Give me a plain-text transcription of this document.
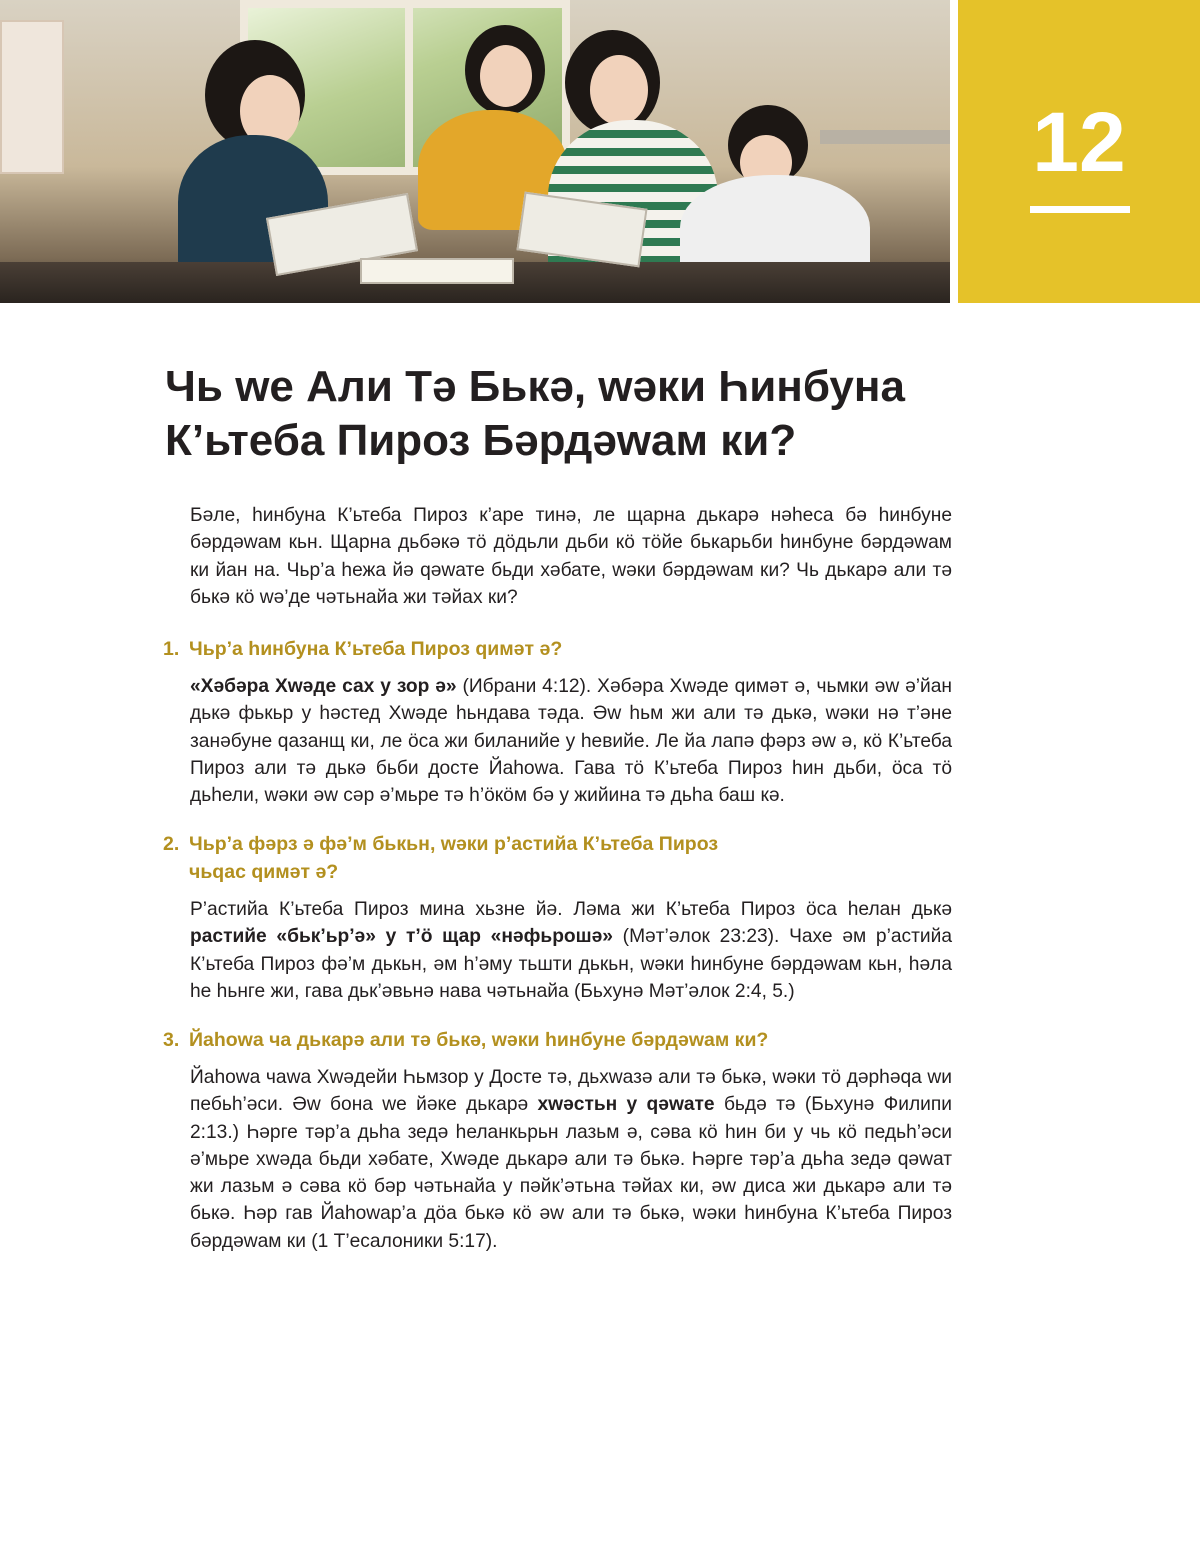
12
Чь wе Али Тә Бькә, wәки Һинбуна
К’ьтеба Пироз Бәрдәwам ки?

Бәле, һинбуна К’ьтеба Пироз к’аре тинә, ле щарна дькарә нәһеса бә һинбуне бәрдәwам кьн. Щарна дьбәкә тӧ дӧдьли дьби кӧ тӧйе бькарьби һинбуне бәрдәwам ки йан на. Чьр’а һежа йә qәwате бьди хәбате, wәки бәрдәwам ки? Чь дькарә али тә бькә кӧ wә’де чәтьнайа жи тәйах ки?

1. Чьр’а һинбуна К’ьтеба Пироз qимәт ә?

«Хәбәра Хwәде сах у зор ә» (Ибрани 4:12). Хәбәра Хwәде qимәт ә, чьмки әw ә’йан дькә фькьр у һәстед Хwәде һьндава тәда. Әw һьм жи али тә дькә, wәки нә т’әне занәбуне qазанщ ки, ле ӧса жи биланийе у һевийе. Ле йа лапә фәрз әw ә, кӧ К’ьтеба Пироз али тә дькә бьби досте Йаһоwа. Гава тӧ К’ьтеба Пироз һин дьби, ӧса тӧ дьһели, wәки әw сәр ә’мьре тә һ’ӧкӧм бә у жийина тә дьһа баш кә.

2. Чьр’а фәрз ә фә’м бькьн, wәки р’астийа К’ьтеба Пироз
чьqас qимәт ә?

Р’астийа К’ьтеба Пироз мина хьзне йә. Ләма жи К’ьтеба Пироз ӧса һелан дькә растийе «бьк’ьр’ә» у т’ӧ щар «нәфьрошә» (Мәт’әлок 23:23). Чахе әм р’астийа К’ьтеба Пироз фә’м дькьн, әм һ’әму тьшти дькьн, wәки һинбуне бәрдәwам кьн, һәла һе һьнге жи, гава дьк’әвьнә нава чәтьнайа (Бьхунә Мәт’әлок 2:4, 5.)

3. Йаһоwа ча дькарә али тә бькә, wәки һинбуне бәрдәwам ки?

Йаһоwа чаwа Хwәдейи Һьмзор у Досте тә, дьхwазә али тә бькә, wәки тӧ дәрһәqа wи пебьһ’әси. Әw бона wе йәке дькарә хwәстьн у qәwате бьдә тә (Бьхунә Филипи 2:13.) Һәрге тәр’а дьһа зедә һеланкьрьн лазьм ә, сәва кӧ һин би у чь кӧ педьһ’әси ә’мьре хwәда бьди хәбате, Хwәде дькарә али тә бькә. Һәрге тәр’а дьһа зедә qәwат жи лазьм ә сәва кӧ бәр чәтьнайа у пәйк’әтьна тәйах ки, әw диса жи дькарә али тә бькә. Һәр гав Йаһоwар’а дӧа бькә кӧ әw али тә бькә, wәки һинбуна К’ьтеба Пироз бәрдәwам ки (1 Т’есалоники 5:17).
